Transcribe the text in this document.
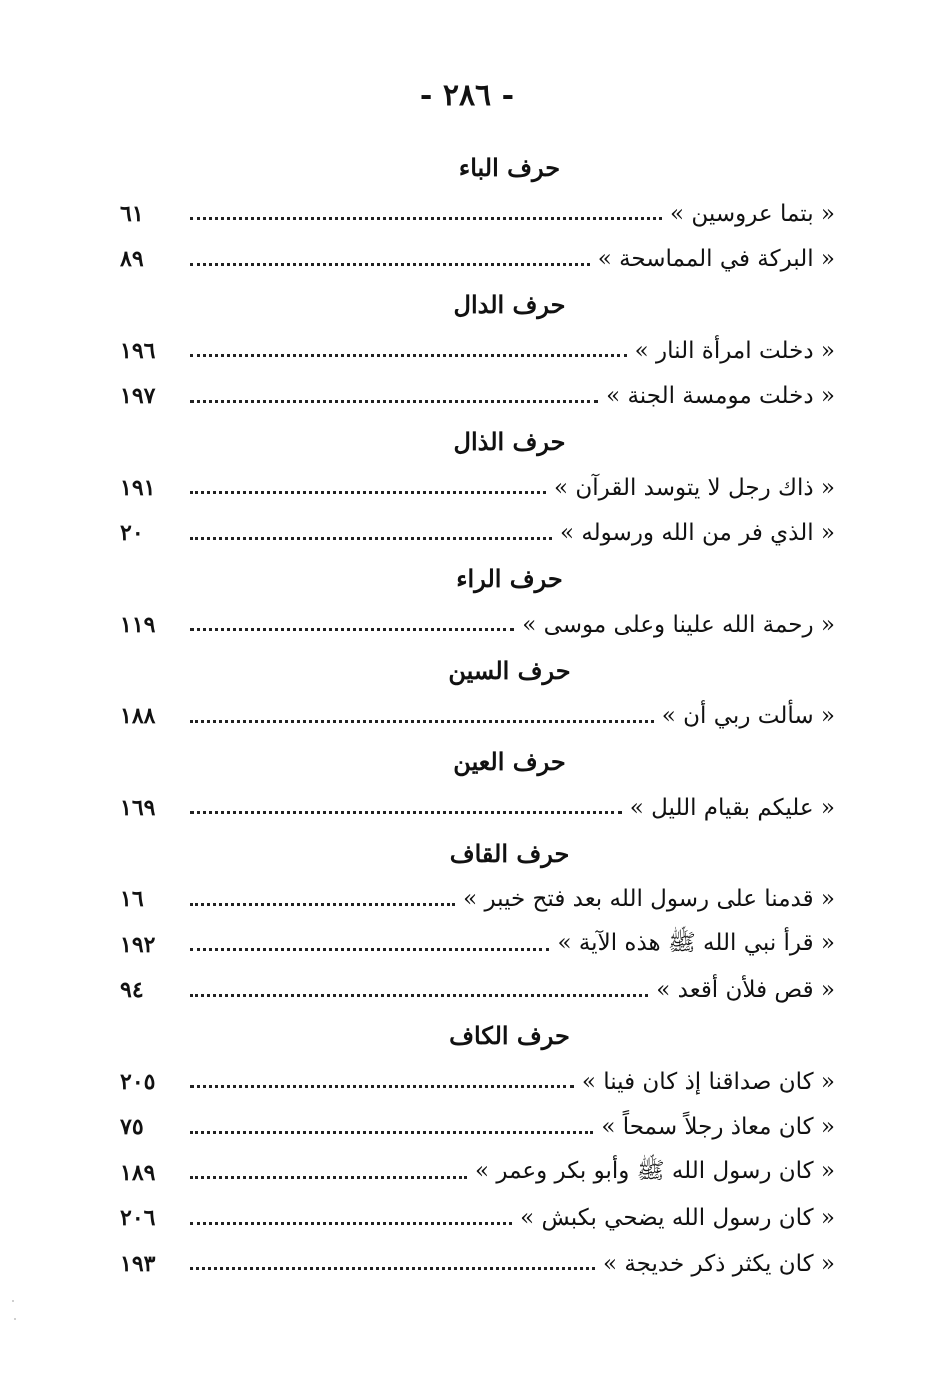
- ٢٨٦ -
حرف الباء
« بتما عروسين »
٦١
« البركة في المماسحة »
٨٩
حرف الدال
« دخلت امرأة النار »
١٩٦
« دخلت مومسة الجنة »
١٩٧
حرف الذال
« ذاك رجل لا يتوسد القرآن »
١٩١
« الذي فر من الله ورسوله »
٢٠
حرف الراء
« رحمة الله علينا وعلى موسى »
١١٩
حرف السين
« سألت ربي أن »
١٨٨
حرف العين
« عليكم بقيام الليل »
١٦٩
حرف القاف
« قدمنا على رسول الله بعد فتح خيبر »
١٦
« قرأ نبي الله ﷺ هذه الآية »
١٩٢
« قص فلأن أقعد »
٩٤
حرف الكاف
« كان صداقنا إذ كان فينا »
٢٠٥
« كان معاذ رجلاً سمحاً »
٧٥
« كان رسول الله ﷺ وأبو بكر وعمر »
١٨٩
« كان رسول الله يضحي بكبش »
٢٠٦
« كان يكثر ذكر خديجة »
١٩٣
